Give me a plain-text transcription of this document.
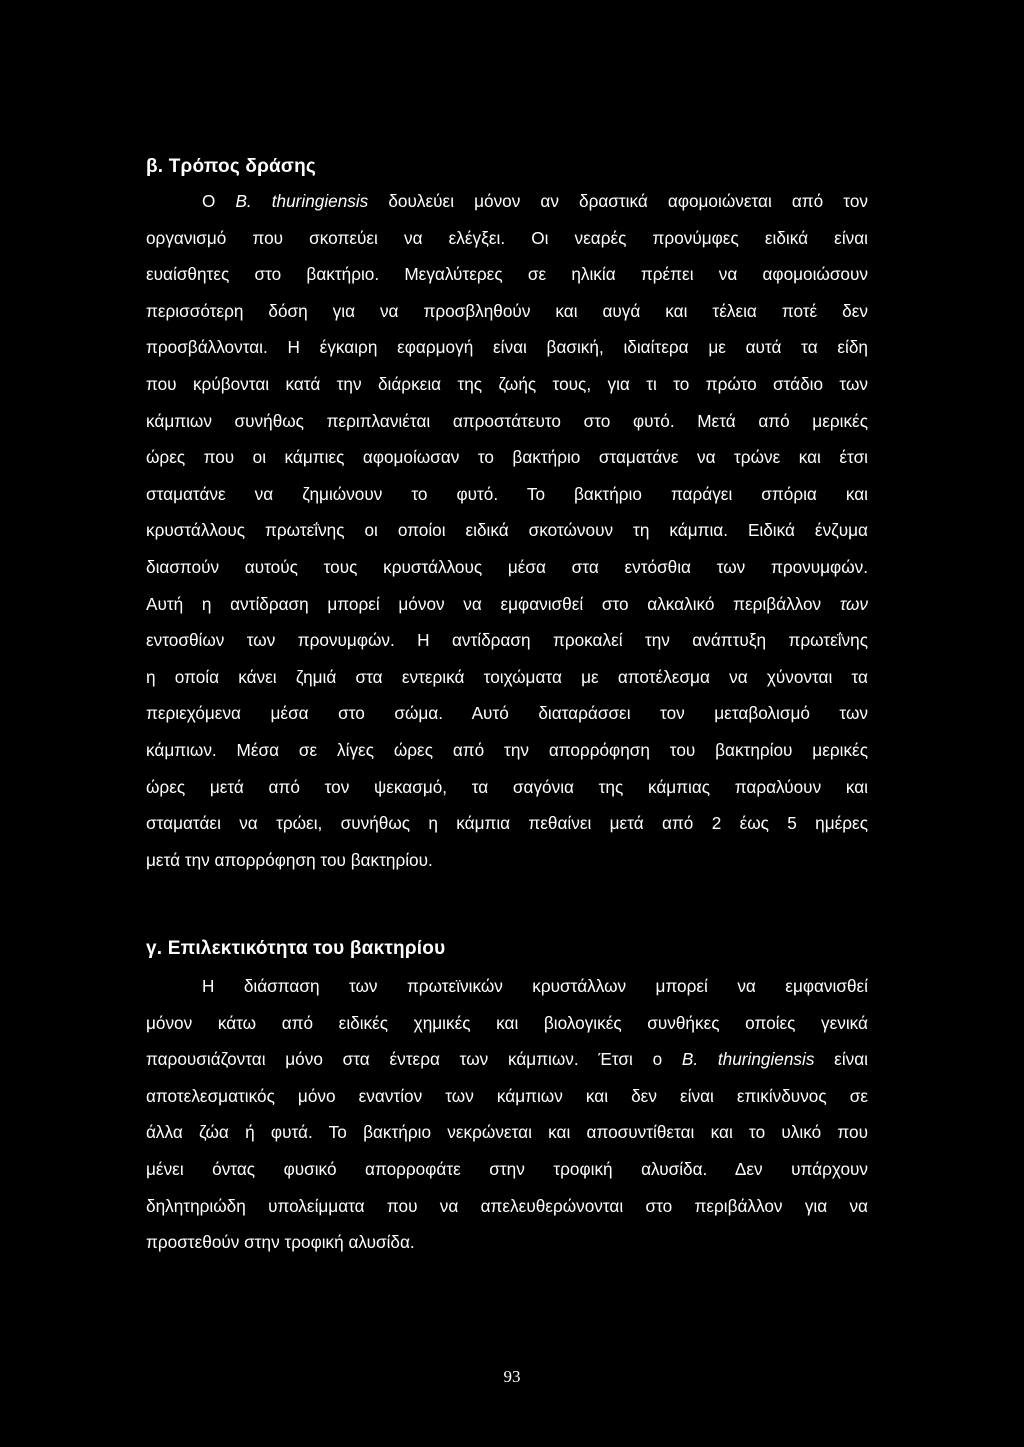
β. Τρόπος δράσης
Ο B. thuringiensis δουλεύει μόνον αν δραστικά αφομοιώνεται από τον
οργανισμό που σκοπεύει να ελέγξει. Οι νεαρές προνύμφες ειδικά είναι
ευαίσθητες στο βακτήριο. Μεγαλύτερες σε ηλικία πρέπει να αφομοιώσουν
περισσότερη δόση για να προσβληθούν και αυγά και τέλεια ποτέ δεν
προσβάλλονται. Η έγκαιρη εφαρμογή είναι βασική, ιδιαίτερα με αυτά τα είδη
που κρύβονται κατά την διάρκεια της ζωής τους, για τι το πρώτο στάδιο των
κάμπιων συνήθως περιπλανιέται απροστάτευτο στο φυτό. Μετά από μερικές
ώρες που οι κάμπιες αφομοίωσαν το βακτήριο σταματάνε να τρώνε και έτσι
σταματάνε να ζημιώνουν το φυτό. Το βακτήριο παράγει σπόρια και
κρυστάλλους πρωτεΐνης οι οποίοι ειδικά σκοτώνουν τη κάμπια. Ειδικά ένζυμα
διασπούν αυτούς τους κρυστάλλους μέσα στα εντόσθια των προνυμφών.
Αυτή η αντίδραση μπορεί μόνον να εμφανισθεί στο αλκαλικό περιβάλλον των
εντοσθίων των προνυμφών. Η αντίδραση προκαλεί την ανάπτυξη πρωτεΐνης
η οποία κάνει ζημιά στα εντερικά τοιχώματα με αποτέλεσμα να χύνονται τα
περιεχόμενα μέσα στο σώμα. Αυτό διαταράσσει τον μεταβολισμό των
κάμπιων. Μέσα σε λίγες ώρες από την απορρόφηση του βακτηρίου μερικές
ώρες μετά από τον ψεκασμό, τα σαγόνια της κάμπιας παραλύουν και
σταματάει να τρώει, συνήθως η κάμπια πεθαίνει μετά από 2 έως 5 ημέρες
μετά την απορρόφηση του βακτηρίου.
γ. Επιλεκτικότητα του βακτηρίου
Η διάσπαση των πρωτεϊνικών κρυστάλλων μπορεί να εμφανισθεί
μόνον κάτω από ειδικές χημικές και βιολογικές συνθήκες οποίες γενικά
παρουσιάζονται μόνο στα έντερα των κάμπιων. Έτσι ο B. thuringiensis είναι
αποτελεσματικός μόνο εναντίον των κάμπιων και δεν είναι επικίνδυνος σε
άλλα ζώα ή φυτά. Το βακτήριο νεκρώνεται και αποσυντίθεται και το υλικό που
μένει όντας φυσικό απορροφάτε στην τροφική αλυσίδα. Δεν υπάρχουν
δηλητηριώδη υπολείμματα που να απελευθερώνονται στο περιβάλλον για να
προστεθούν στην τροφική αλυσίδα.
93
